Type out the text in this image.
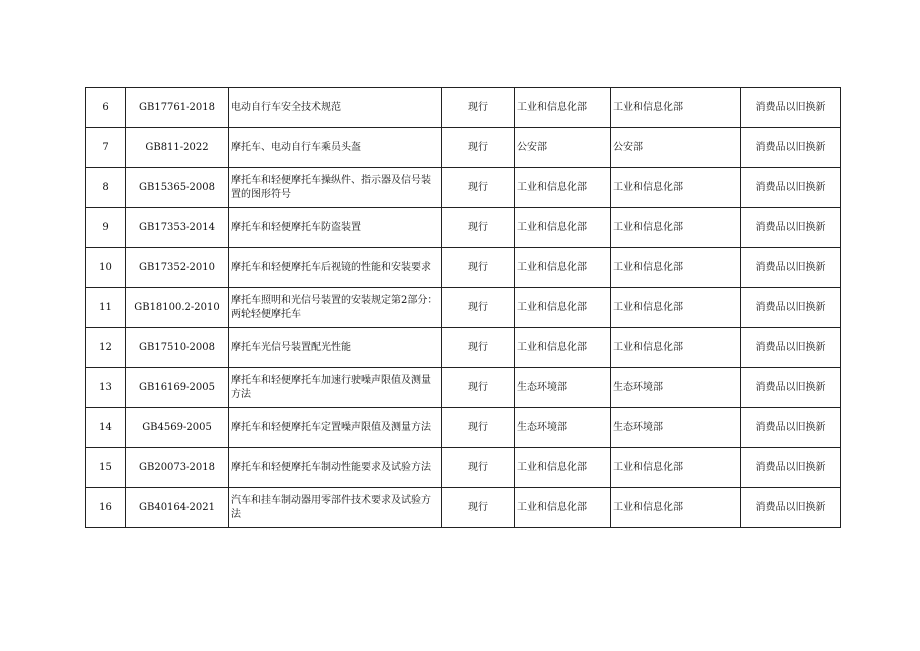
6	GB17761-2018	电动自行车安全技术规范	现行	工业和信息化部	工业和信息化部	消费品以旧换新
7	GB811-2022	摩托车、电动自行车乘员头盔	现行	公安部	公安部	消费品以旧换新
8	GB15365-2008	摩托车和轻便摩托车操纵件、指示器及信号装置的图形符号	现行	工业和信息化部	工业和信息化部	消费品以旧换新
9	GB17353-2014	摩托车和轻便摩托车防盗装置	现行	工业和信息化部	工业和信息化部	消费品以旧换新
10	GB17352-2010	摩托车和轻便摩托车后视镜的性能和安装要求	现行	工业和信息化部	工业和信息化部	消费品以旧换新
11	GB18100.2-2010	摩托车照明和光信号装置的安装规定第2部分：两轮轻便摩托车	现行	工业和信息化部	工业和信息化部	消费品以旧换新
12	GB17510-2008	摩托车光信号装置配光性能	现行	工业和信息化部	工业和信息化部	消费品以旧换新
13	GB16169-2005	摩托车和轻便摩托车加速行驶噪声限值及测量方法	现行	生态环境部	生态环境部	消费品以旧换新
14	GB4569-2005	摩托车和轻便摩托车定置噪声限值及测量方法	现行	生态环境部	生态环境部	消费品以旧换新
15	GB20073-2018	摩托车和轻便摩托车制动性能要求及试验方法	现行	工业和信息化部	工业和信息化部	消费品以旧换新
16	GB40164-2021	汽车和挂车制动器用零部件技术要求及试验方法	现行	工业和信息化部	工业和信息化部	消费品以旧换新
